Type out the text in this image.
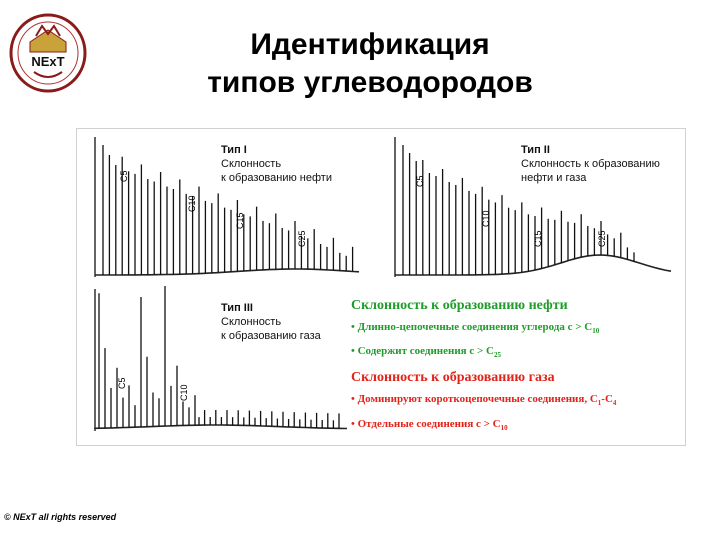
NExT
Идентификация
типов углеводородов
C5
C10
C15
C25
Тип I
Склонность
к образованию нефти	C5
C10
C15	C25
Тип II
Склонность к образованию
нефти и газа
C5
C10
Тип III
Склонность
к образованию газа

Склонность к образованию нефти

• Длинно-цепочечные соединения углерода $с > C_{10}$

• Содержит соединения $с > C_{25}$

Склонность к образованию газа

• Доминируют короткоцепочечные соединения, $C_1-C_4$

• Отдельные соединения $с > C_{10}$

© NExT all rights reserved
